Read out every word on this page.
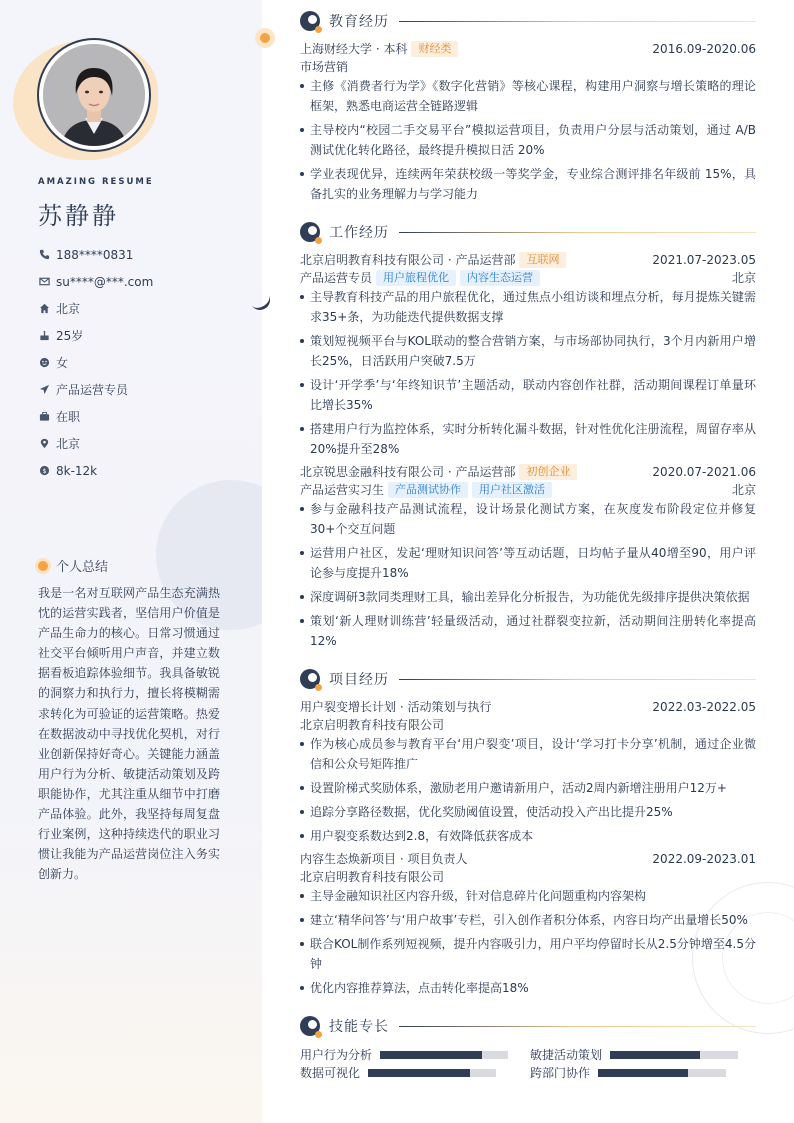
AMAZING RESUME
苏静静
188****0831
su****@***.com
北京
25岁
女
产品运营专员
在职
北京
$ 8k-12k
个人总结
我是一名对互联网产品生态充满热忱的运营实践者，坚信用户价值是产品生命力的核心。日常习惯通过社交平台倾听用户声音，并建立数据看板追踪体验细节。我具备敏锐的洞察力和执行力，擅长将模糊需求转化为可验证的运营策略。热爱在数据波动中寻找优化契机，对行业创新保持好奇心。关键能力涵盖用户行为分析、敏捷活动策划及跨职能协作，尤其注重从细节中打磨产品体验。此外，我坚持每周复盘行业案例，这种持续迭代的职业习惯让我能为产品运营岗位注入务实创新力。
教育经历
上海财经大学 · 本科	财经类	2016.09-2020.06
市场营销
主修《消费者行为学》《数字化营销》等核心课程，构建用户洞察与增长策略的理论框架，熟悉电商运营全链路逻辑
主导校内“校园二手交易平台”模拟运营项目，负责用户分层与活动策划，通过 A/B 测试优化转化路径，最终提升模拟日活 20%
学业表现优异，连续两年荣获校级一等奖学金，专业综合测评排名年级前 15%，具备扎实的业务理解力与学习能力
工作经历
北京启明教育科技有限公司 · 产品运营部	互联网	2021.07-2023.05
产品运营专员	用户旅程优化	内容生态运营	北京
主导教育科技产品的用户旅程优化，通过焦点小组访谈和埋点分析，每月提炼关键需求35+条，为功能迭代提供数据支撑
策划短视频平台与KOL联动的整合营销方案，与市场部协同执行，3个月内新用户增长25%，日活跃用户突破7.5万
设计‘开学季’与‘年终知识节’主题活动，联动内容创作社群，活动期间课程订单量环比增长35%
搭建用户行为监控体系，实时分析转化漏斗数据，针对性优化注册流程，周留存率从20%提升至28%
北京锐思金融科技有限公司 · 产品运营部	初创企业	2020.07-2021.06
产品运营实习生	产品测试协作	用户社区激活	北京
参与金融科技产品测试流程，设计场景化测试方案，在灰度发布阶段定位并修复30+个交互问题
运营用户社区，发起‘理财知识问答’等互动话题，日均帖子量从40增至90，用户评论参与度提升18%
深度调研3款同类理财工具，输出差异化分析报告，为功能优先级排序提供决策依据
策划‘新人理财训练营’轻量级活动，通过社群裂变拉新，活动期间注册转化率提高12%
项目经历
用户裂变增长计划 · 活动策划与执行	2022.03-2022.05
北京启明教育科技有限公司
作为核心成员参与教育平台‘用户裂变’项目，设计‘学习打卡分享’机制，通过企业微信和公众号矩阵推广
设置阶梯式奖励体系，激励老用户邀请新用户，活动2周内新增注册用户12万+
追踪分享路径数据，优化奖励阈值设置，使活动投入产出比提升25%
用户裂变系数达到2.8，有效降低获客成本
内容生态焕新项目 · 项目负责人	2022.09-2023.01
北京启明教育科技有限公司
主导金融知识社区内容升级，针对信息碎片化问题重构内容架构
建立‘精华问答’与‘用户故事’专栏，引入创作者积分体系，内容日均产出量增长50%
联合KOL制作系列短视频，提升内容吸引力，用户平均停留时长从2.5分钟增至4.5分钟
优化内容推荐算法，点击转化率提高18%
技能专长
用户行为分析	敏捷活动策划
数据可视化	跨部门协作
